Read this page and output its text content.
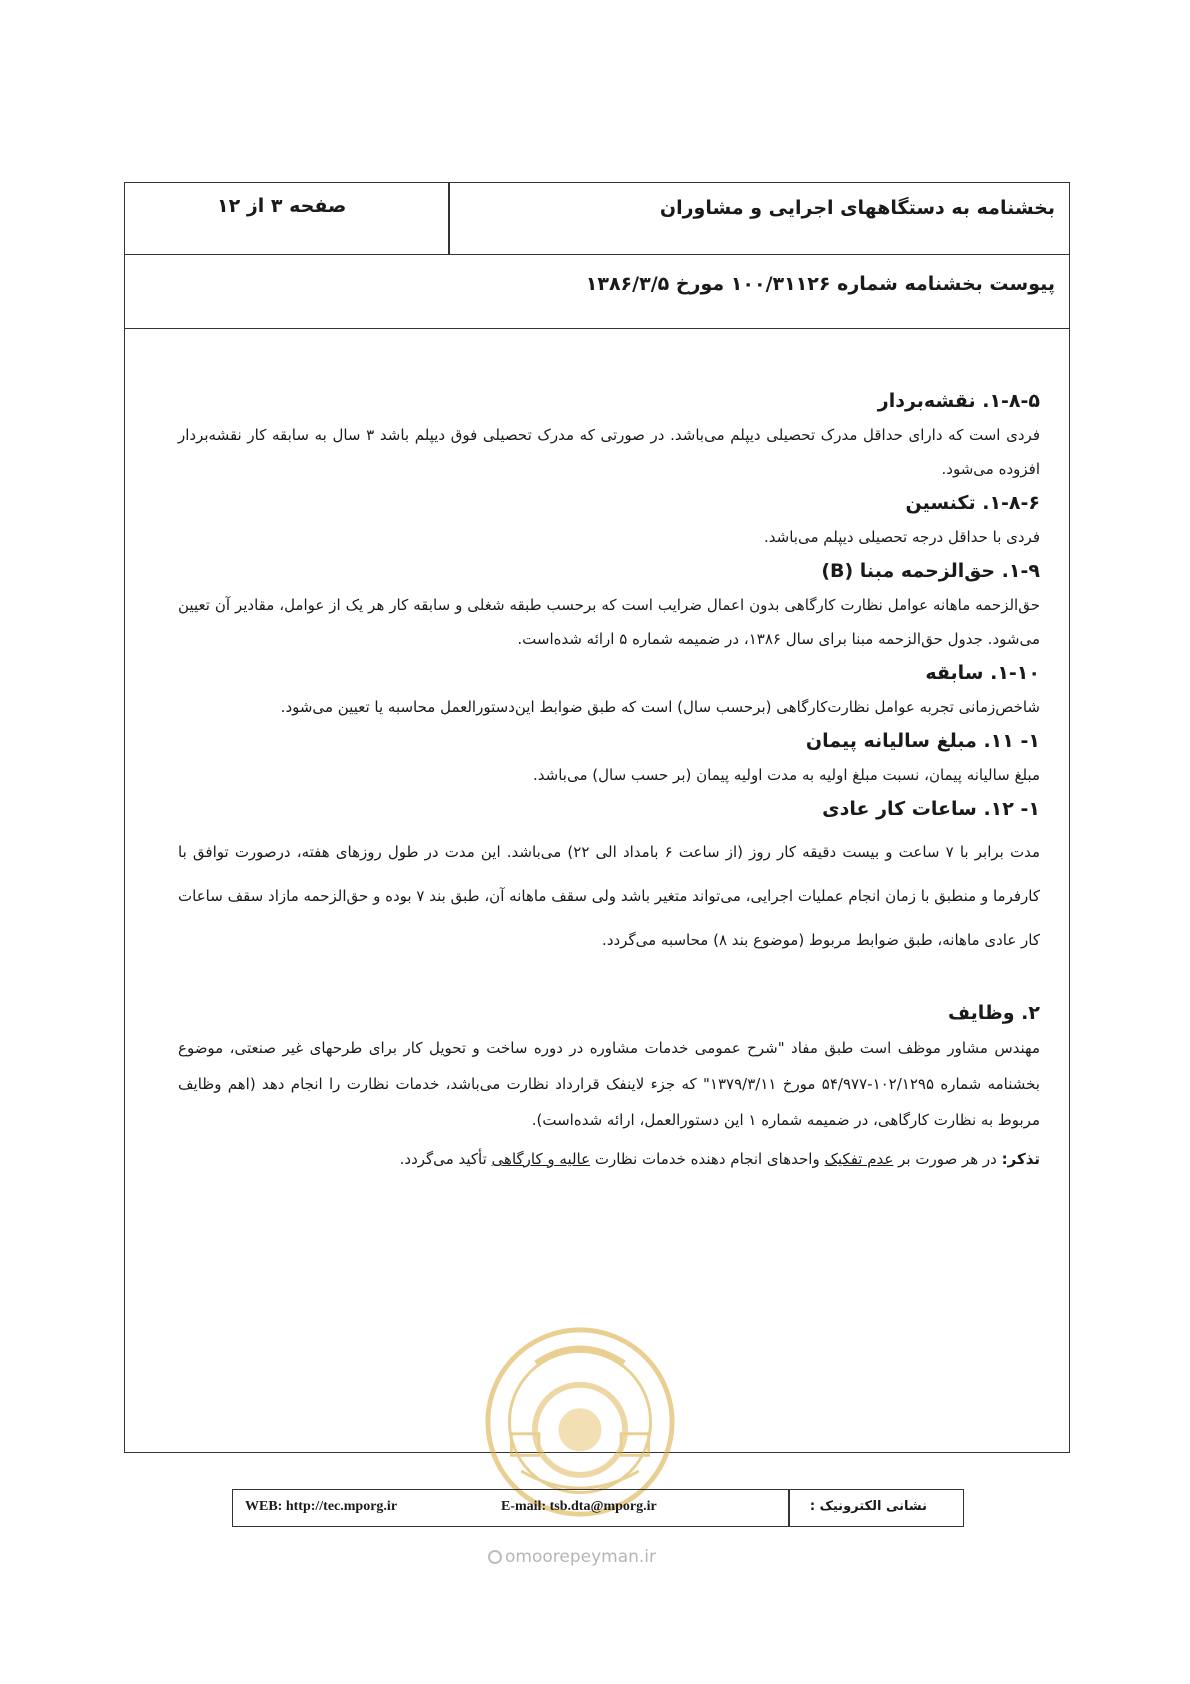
بخشنامه به دستگاههای اجرایی و مشاوران
صفحه ۳ از ۱۲
پیوست بخشنامه شماره ۱۰۰/۳۱۱۲۶ مورخ ۱۳۸۶/۳/۵

۱-۸-۵. نقشه‌بردار

فردی است که دارای حداقل مدرک تحصیلی دیپلم می‌باشد. در صورتی که مدرک تحصیلی فوق دیپلم باشد ۳ سال به سابقه کار نقشه‌بردار افزوده می‌شود.

۱-۸-۶. تکنسین

فردی با حداقل درجه تحصیلی دیپلم می‌باشد.

۱-۹. حق‌الزحمه مبنا (B)

حق‌الزحمه ماهانه عوامل نظارت کارگاهی بدون اعمال ضرایب است که برحسب طبقه شغلی و سابقه کار هر یک از عوامل، مقادیر آن تعیین می‌شود. جدول حق‌الزحمه مبنا برای سال ۱۳۸۶، در ضمیمه شماره ۵ ارائه شده‌است.

۱-۱۰. سابقه

شاخص‌زمانی تجربه عوامل نظارت‌کارگاهی (برحسب سال) است که طبق ضوابط این‌دستورالعمل محاسبه یا تعیین می‌شود.

۱- ۱۱. مبلغ سالیانه پیمان

مبلغ سالیانه پیمان، نسبت مبلغ اولیه به مدت اولیه پیمان (بر حسب سال) می‌باشد.

۱- ۱۲. ساعات کار عادی

مدت برابر با ۷ ساعت و بیست دقیقه کار روز (از ساعت ۶ بامداد الی ۲۲) می‌باشد. این مدت در طول روزهای هفته، درصورت توافق با کارفرما و منطبق با زمان انجام عملیات اجرایی، می‌تواند متغیر باشد ولی سقف ماهانه آن، طبق بند ۷ بوده و حق‌الزحمه مازاد سقف ساعات کار عادی ماهانه، طبق ضوابط مربوط (موضوع بند ۸) محاسبه می‌گردد.

۲. وظایف

مهندس مشاور موظف است طبق مفاد "شرح عمومی خدمات مشاوره در دوره ساخت و تحویل کار برای طرحهای غیر صنعتی، موضوع بخشنامه شماره ۱۰۲/۱۲۹۵-۵۴/۹۷۷ مورخ ۱۳۷۹/۳/۱۱" که جزء لاینفک قرارداد نظارت می‌باشد، خدمات نظارت را انجام دهد (اهم وظایف مربوط به نظارت کارگاهی، در ضمیمه شماره ۱ این دستورالعمل، ارائه شده‌است).

تذکر: در هر صورت بر عدم تفکیک واحدهای انجام دهنده خدمات نظارت عالیه و کارگاهی تأکید می‌گردد.

WEB: http://tec.mporg.ir	E-mail: tsb.dta@mporg.ir	نشانی الکترونیک :
omoorepeyman.ir
